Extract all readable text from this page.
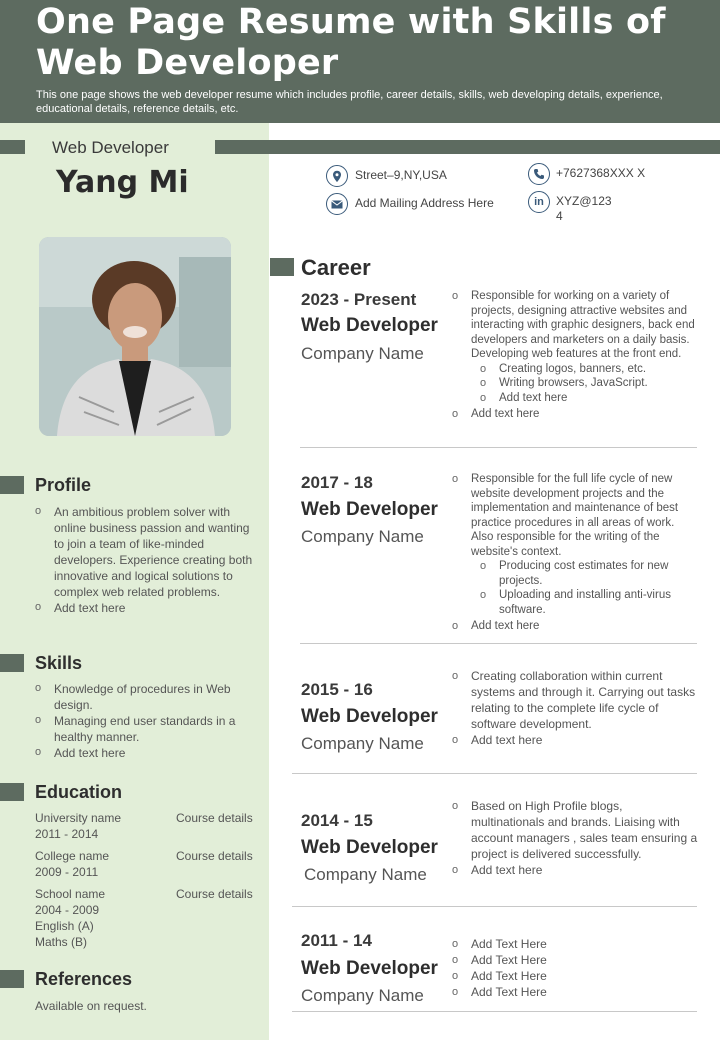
One Page Resume with Skills of Web Developer

This one page shows the web developer resume which includes profile, career details, skills, web developing details, experience, educational details, reference details, etc.

Web Developer
Yang Mi	Street–9,NY,USA
Add Mailing Address Here
+7627368XXX X
in	XYZ@123 4
Profile
o An ambitious problem solver with online business passion and wanting to join a team of like-minded developers. Experience creating both innovative and logical solutions to complex web related problems.
o Add text here
Skills
o Knowledge of procedures in Web design.
o Managing end user standards in a healthy manner.
o Add text here
Education
University name
2011 - 2014
Course details
College name
2009 - 2011
Course details
School name
2004 - 2009
English (A)
Maths (B)
Course details
References
Available on request.
Career
2023 - Present
Web Developer
Company Name
o Responsible for working on a variety of projects, designing attractive websites and interacting with graphic designers, back end developers and marketers on a daily basis. Developing web features at the front end.
o Creating logos, banners, etc.
o Writing browsers, JavaScript.
o Add text here
o Add text here
2017 - 18
Web Developer
Company Name
o Responsible for the full life cycle of new website development projects and the implementation and maintenance of best practice procedures in all areas of work. Also responsible for the writing of the website's context.
o Producing cost estimates for new projects.
o Uploading and installing anti-virus software.
o Add text here
2015 - 16
Web Developer
Company Name
o Creating collaboration within current systems and through it. Carrying out tasks relating to the complete life cycle of software development.
o Add text here
2014 - 15
Web Developer
Company Name
o Based on High Profile blogs, multinationals and brands. Liaising with account managers , sales team ensuring a project is delivered successfully.
o Add text here
2011 - 14
Web Developer
Company Name
o Add Text Here
o Add Text Here
o Add Text Here
o Add Text Here
